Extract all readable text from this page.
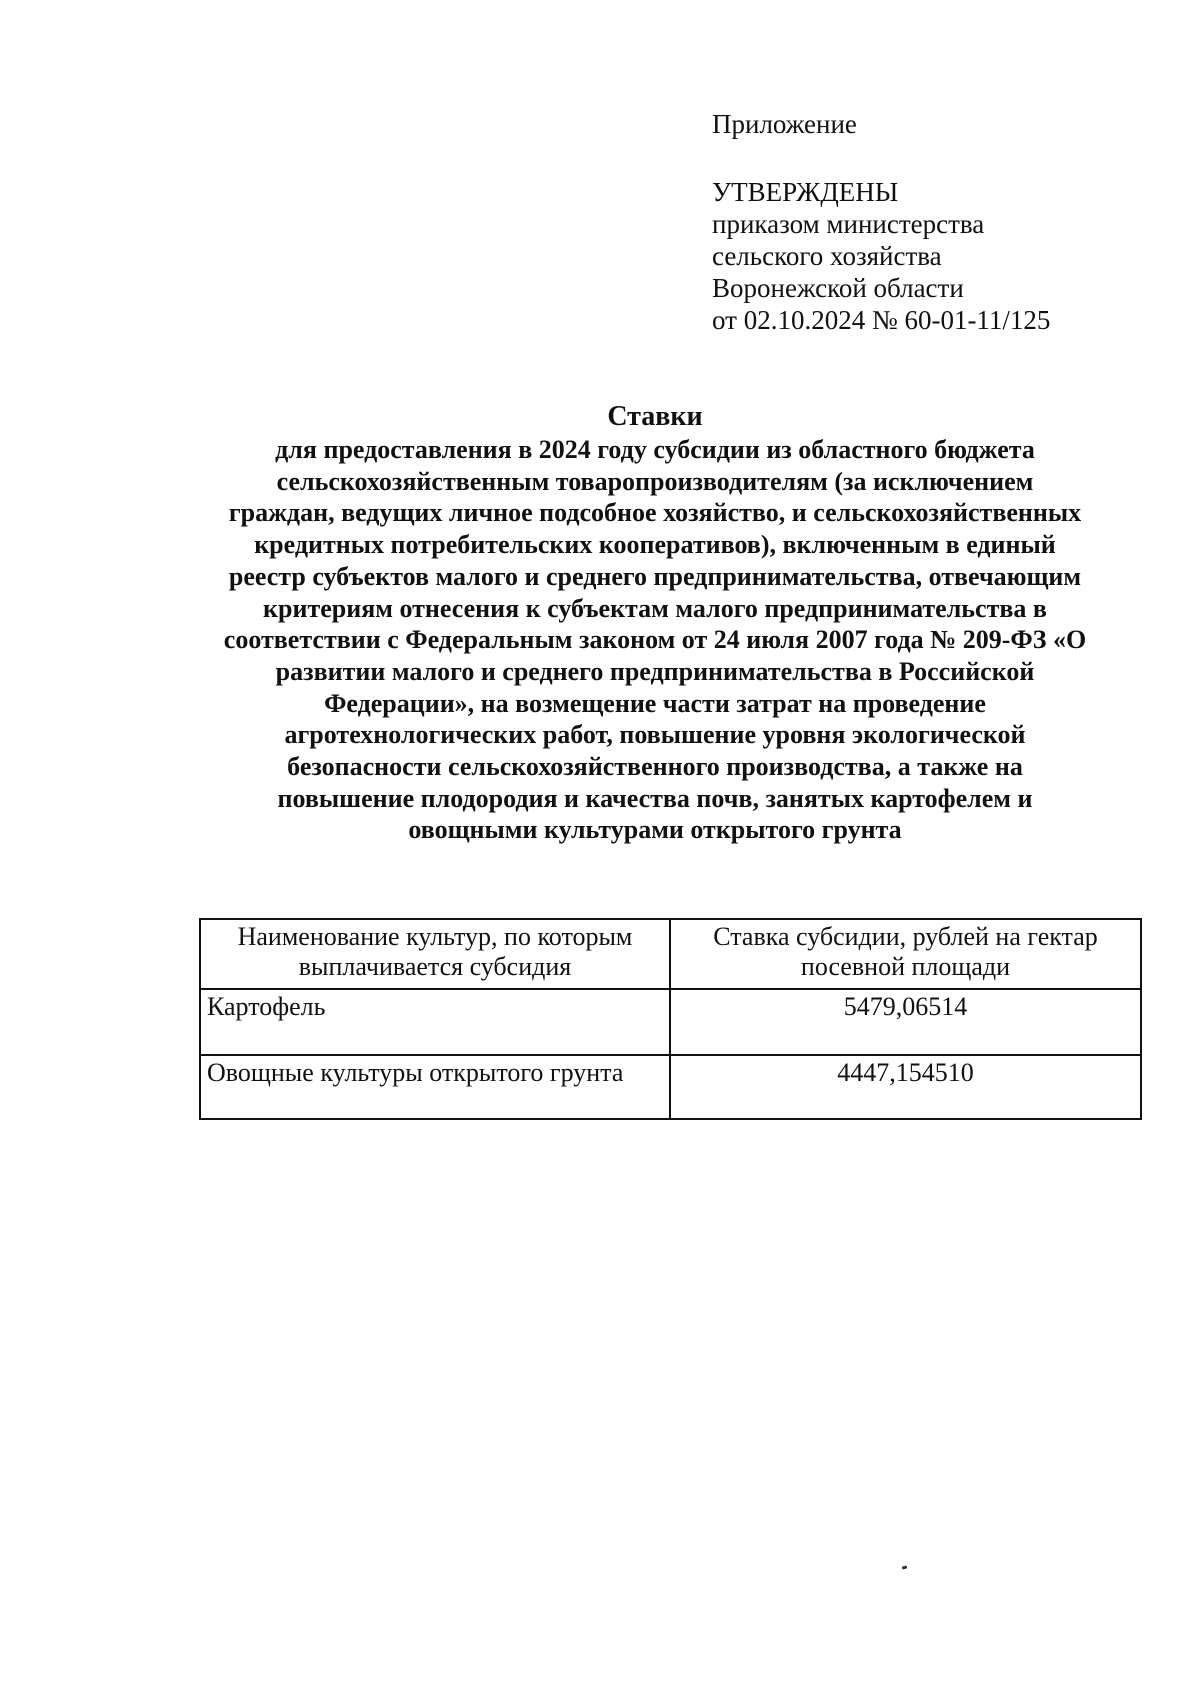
Приложение
УТВЕРЖДЕНЫ
приказом министерства
сельского хозяйства
Воронежской области
от 02.10.2024 № 60-01-11/125
Ставки
для предоставления в 2024 году субсидии из областного бюджета
сельскохозяйственным товаропроизводителям (за исключением
граждан, ведущих личное подсобное хозяйство, и сельскохозяйственных
кредитных потребительских кооперативов), включенным в единый
реестр субъектов малого и среднего предпринимательства, отвечающим
критериям отнесения к субъектам малого предпринимательства в
соответствии с Федеральным законом от 24 июля 2007 года № 209-ФЗ «О
развитии малого и среднего предпринимательства в Российской
Федерации», на возмещение части затрат на проведение
агротехнологических работ, повышение уровня экологической
безопасности сельскохозяйственного производства, а также на
повышение плодородия и качества почв, занятых картофелем и
овощными культурами открытого грунта
Наименование культур, по которым выплачивается субсидия	Ставка субсидии, рублей на гектар посевной площади
Картофель	5479,06514
Овощные культуры открытого грунта	4447,154510
